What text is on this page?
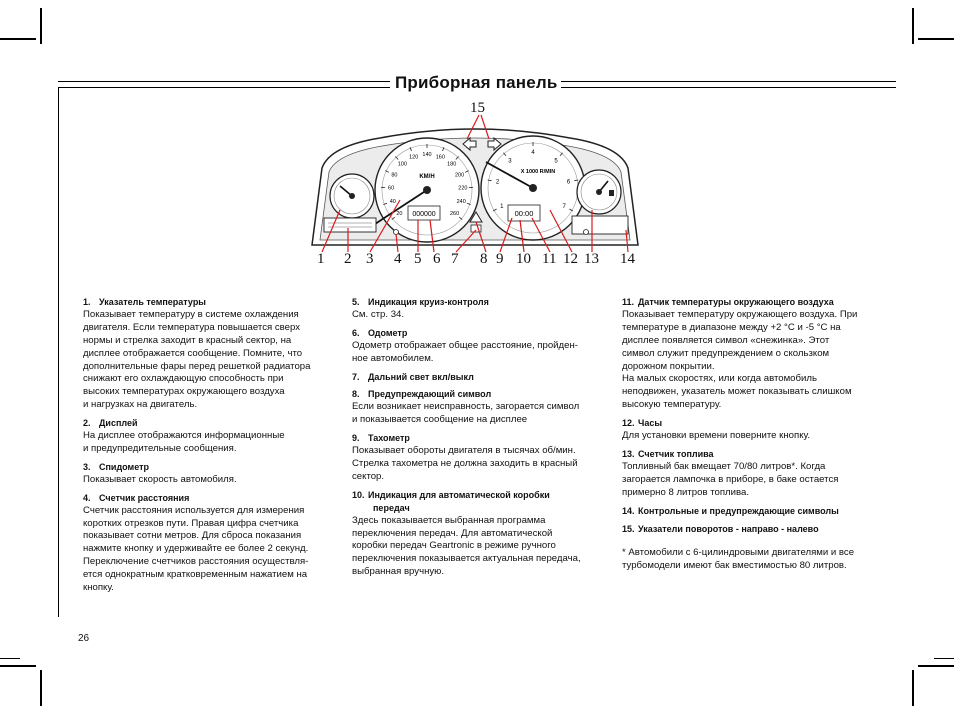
Приборная панель
20
40
60
80
100
120 140 160
180
200
220
240
260
KM/H
000000
1
2
3
4
5
6
7
X 1000 R/MIN
00:00
15
1 2 3 4 5 6 7 8 9 10 11 12 13 14
1. Указатель температуры
Показывает температуру в системе охлаждения
двигателя. Если температура повышается сверх
нормы и стрелка заходит в красный сектор, на
дисплее отображается сообщение. Помните, что
дополнительные фары перед решеткой радиатора
снижают его охлаждающую способность при
высоких температурах окружающего воздуха
и нагрузках на двигатель.
2. Дисплей
На дисплее отображаются информационные
и предупредительные сообщения.
3. Спидометр
Показывает скорость автомобиля.
4. Счетчик расстояния
Счетчик расстояния используется для измерения
коротких отрезков пути. Правая цифра счетчика
показывает сотни метров. Для сброса показания
нажмите кнопку и удерживайте ее более 2 секунд.
Переключение счетчиков расстояния осуществля-
ется однократным кратковременным нажатием на
кнопку.
5. Индикация круиз-контроля
См. стр. 34.
6. Одометр
Одометр отображает общее расстояние, пройден-
ное автомобилем.
7. Дальний свет вкл/выкл
8. Предупреждающий символ
Если возникает неисправность, загорается символ
и показывается сообщение на дисплее
9. Тахометр
Показывает обороты двигателя в тысячах об/мин.
Стрелка тахометра не должна заходить в красный
сектор.
10. Индикация для автоматической коробки
передач
Здесь показывается выбранная программа
переключения передач. Для автоматической
коробки передач Geartronic в режиме ручного
переключения показывается актуальная передача,
выбранная вручную.
11. Датчик температуры окружающего воздуха
Показывает температуру окружающего воздуха. При
температуре в диапазоне между +2 °C и -5 °C на
дисплее появляется символ «снежинка». Этот
символ служит предупреждением о скользком
дорожном покрытии.
На малых скоростях, или когда автомобиль
неподвижен, указатель может показывать слишком
высокую температуру.
12. Часы
Для установки времени поверните кнопку.
13. Счетчик топлива
Топливный бак вмещает 70/80 литров*. Когда
загорается лампочка в приборе, в баке остается
примерно 8 литров топлива.
14. Контрольные и предупреждающие символы
15. Указатели поворотов - направо - налево
* Автомобили с 6-цилиндровыми двигателями и все
турбомодели имеют бак вместимостью 80 литров.
26
